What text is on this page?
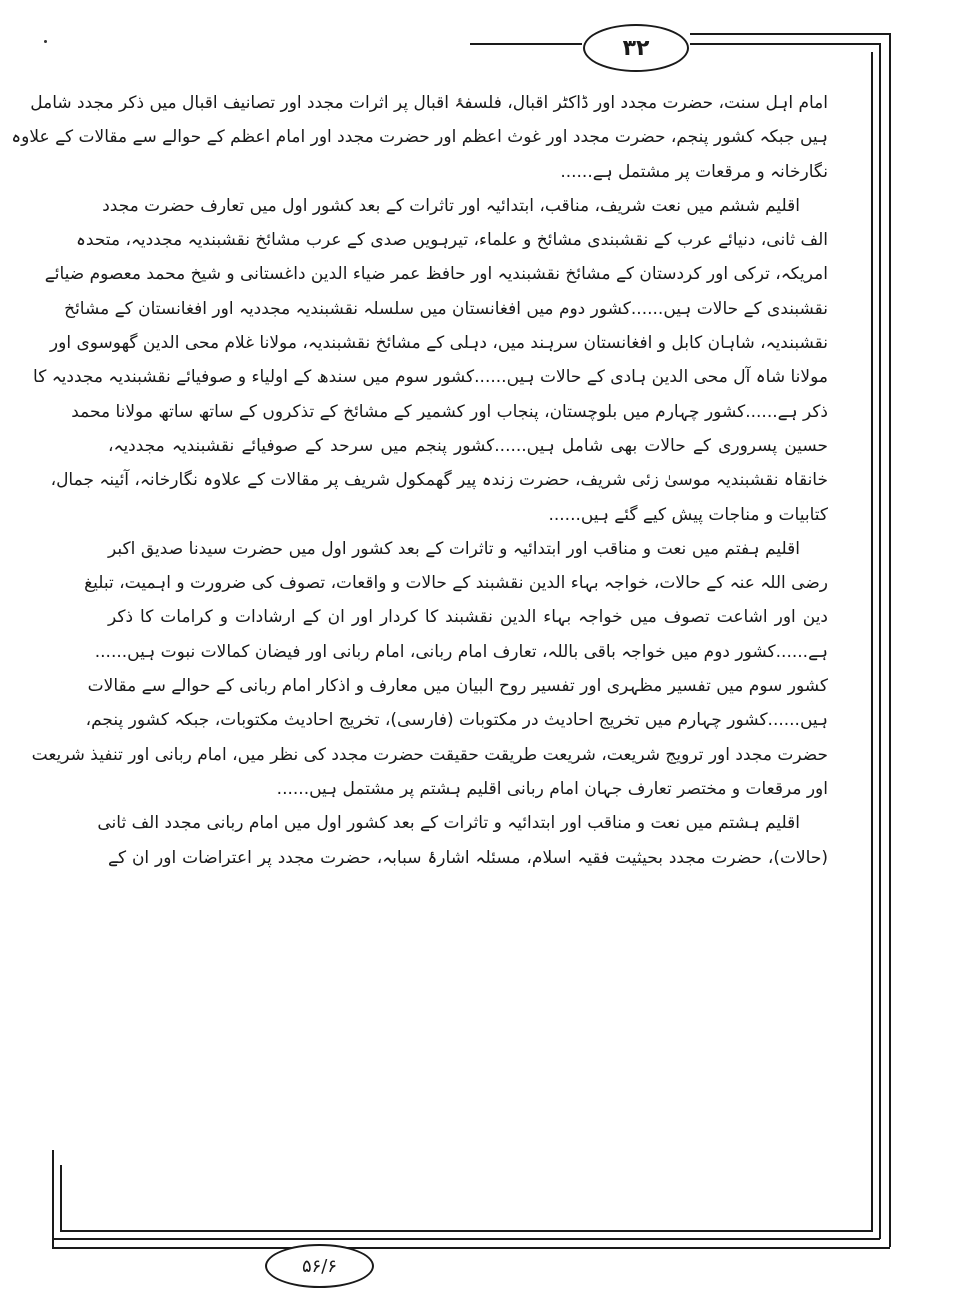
۳۲
امام اہل سنت، حضرت مجدد اور ڈاکٹر اقبال، فلسفۂ اقبال پر اثرات مجدد اور تصانیف اقبال میں ذکر مجدد شامل
ہیں جبکہ کشور پنجم، حضرت مجدد اور غوث اعظم اور حضرت مجدد اور امام اعظم کے حوالے سے مقالات کے علاوہ
نگارخانہ و مرقعات پر مشتمل ہے......
اقلیم ششم میں نعت شریف، مناقب، ابتدائیہ اور تاثرات کے بعد کشور اول میں تعارف حضرت مجدد
الف ثانی، دنیائے عرب کے نقشبندی مشائخ و علماء، تیرہویں صدی کے عرب مشائخ نقشبندیہ مجددیہ، متحدہ
امریکہ، ترکی اور کردستان کے مشائخ نقشبندیہ اور حافظ عمر ضیاء الدین داغستانی و شیخ محمد معصوم ضیائے
نقشبندی کے حالات ہیں......کشور دوم میں افغانستان میں سلسلہ نقشبندیہ مجددیہ اور افغانستان کے مشائخ
نقشبندیہ، شاہان کابل و افغانستان سرہند میں، دہلی کے مشائخ نقشبندیہ، مولانا غلام محی الدین گھوسوی اور
مولانا شاہ آل محی الدین ہادی کے حالات ہیں......کشور سوم میں سندھ کے اولیاء و صوفیائے نقشبندیہ مجددیہ کا
ذکر ہے......کشور چہارم میں بلوچستان، پنجاب اور کشمیر کے مشائخ کے تذکروں کے ساتھ ساتھ مولانا محمد
حسین پسروری کے حالات بھی شامل ہیں......کشور پنجم میں سرحد کے صوفیائے نقشبندیہ مجددیہ،
خانقاہ نقشبندیہ موسیٰ زئی شریف، حضرت زندہ پیر گھمکول شریف پر مقالات کے علاوہ نگارخانہ، آئینہ جمال،
کتابیات و مناجات پیش کیے گئے ہیں......
اقلیم ہفتم میں نعت و مناقب اور ابتدائیہ و تاثرات کے بعد کشور اول میں حضرت سیدنا صدیق اکبر
رضی اللہ عنہ کے حالات، خواجہ بہاء الدین نقشبند کے حالات و واقعات، تصوف کی ضرورت و اہمیت، تبلیغ
دین اور اشاعت تصوف میں خواجہ بہاء الدین نقشبند کا کردار اور ان کے ارشادات و کرامات کا ذکر
ہے......کشور دوم میں خواجہ باقی باللہ، تعارف امام ربانی، امام ربانی اور فیضان کمالات نبوت ہیں......
کشور سوم میں تفسیر مظہری اور تفسیر روح البیان میں معارف و اذکار امام ربانی کے حوالے سے مقالات
ہیں......کشور چہارم میں تخریج احادیث در مکتوبات (فارسی)، تخریج احادیث مکتوبات، جبکہ کشور پنجم،
حضرت مجدد اور ترویج شریعت، شریعت طریقت حقیقت حضرت مجدد کی نظر میں، امام ربانی اور تنفیذ شریعت
اور مرقعات و مختصر تعارف جہان امام ربانی اقلیم ہشتم پر مشتمل ہیں......
اقلیم ہشتم میں نعت و مناقب اور ابتدائیہ و تاثرات کے بعد کشور اول میں امام ربانی مجدد الف ثانی
(حالات)، حضرت مجدد بحیثیت فقیہ اسلام، مسئلہ اشارۂ سبابہ، حضرت مجدد پر اعتراضات اور ان کے
۵۶/۶
